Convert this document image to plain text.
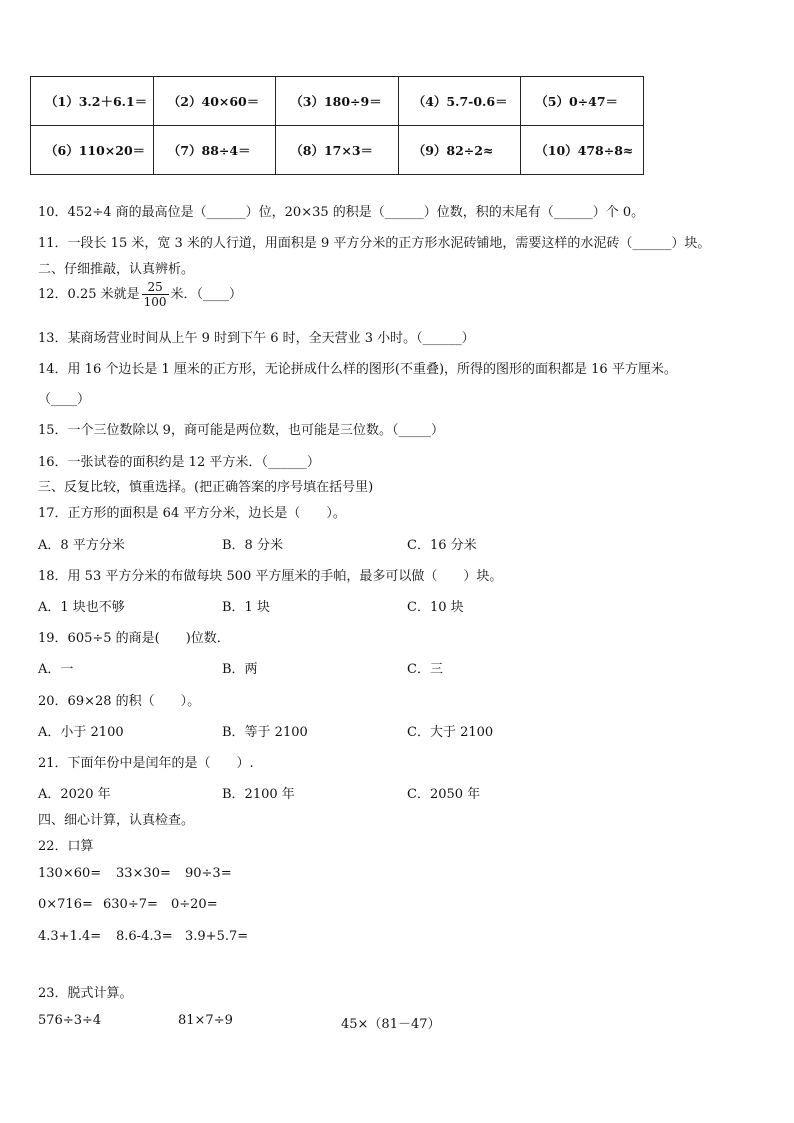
（1）3.2＋6.1＝	（2）40×60＝	（3）180÷9＝	（4）5.7-0.6＝	（5）0÷47＝
（6）110×20＝	（7）88÷4＝	（8）17×3＝	（9）82÷2≈	（10）478÷8≈
10．452÷4 商的最高位是（______）位，20×35 的积是（______）位数，积的末尾有（______）个 0。
11．一段长 15 米，宽 3 米的人行道，用面积是 9 平方分米的正方形水泥砖铺地，需要这样的水泥砖（______）块。
二、仔细推敲，认真辨析。
12．0.25 米就是 $\frac{25}{100}$ 米．（____）
13．某商场营业时间从上午 9 时到下午 6 时，全天营业 3 小时。（______）
14．用 16 个边长是 1 厘米的正方形，无论拼成什么样的图形(不重叠)，所得的图形的面积都是 16 平方厘米。
（____）
15．一个三位数除以 9，商可能是两位数，也可能是三位数。（_____）
16．一张试卷的面积约是 12 平方米．（______）
三、反复比较，慎重选择。(把正确答案的序号填在括号里)
17．正方形的面积是 64 平方分米，边长是（　　）。
A．8 平方分米	B．8 分米	C．16 分米
18．用 53 平方分米的布做每块 500 平方厘米的手帕，最多可以做（　　）块。
A．1 块也不够	B．1 块	C．10 块
19．605÷5 的商是(　　)位数．
A．一	B．两	C．三
20．69×28 的积（　　）。
A．小于 2100	B．等于 2100	C．大于 2100
21．下面年份中是闰年的是（　　）.
A．2020 年	B．2100 年	C．2050 年
四、细心计算，认真检查。
22．口算
130×60= 33×30= 90÷3=
0×716= 630÷7= 0÷20=
4.3+1.4= 8.6-4.3= 3.9+5.7=
23．脱式计算。
576÷3÷4	81×7÷9	45×（81－47）
